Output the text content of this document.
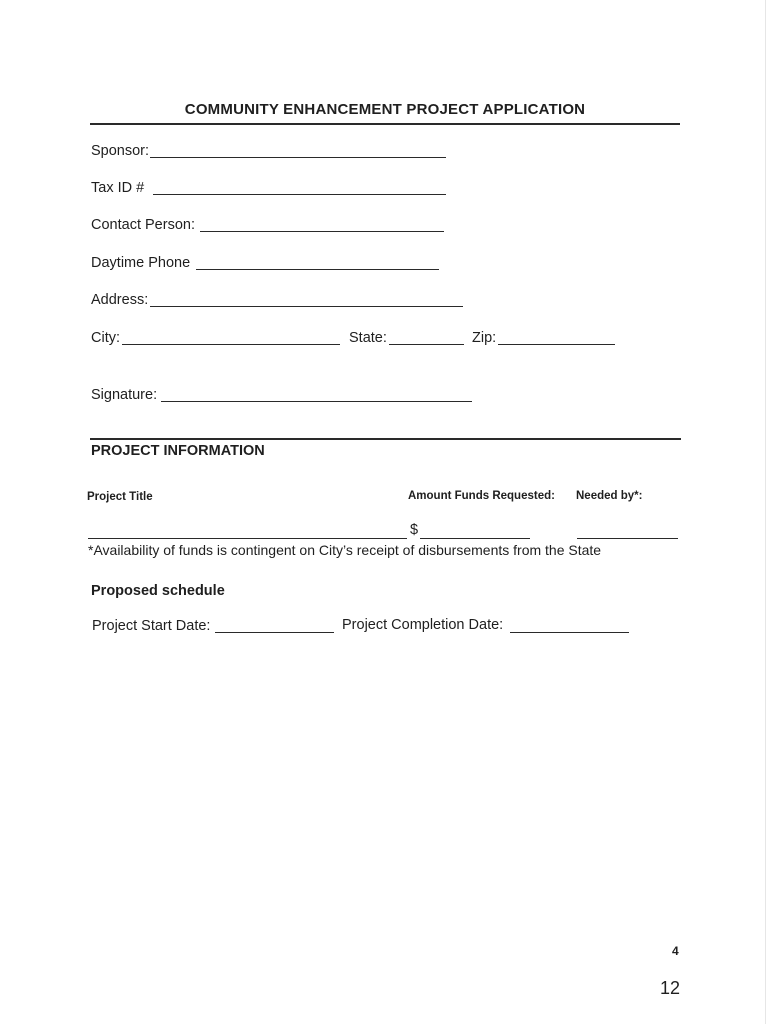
COMMUNITY ENHANCEMENT PROJECT APPLICATION
Sponsor:
Tax ID #
Contact Person:
Daytime Phone
Address:
City:	State:	Zip:
Signature:
PROJECT INFORMATION
Project Title	Amount Funds Requested: Needed by*:
$
*Availability of funds is contingent on City’s receipt of disbursements from the State
Proposed schedule
Project Start Date:	Project Completion Date:
4
12
